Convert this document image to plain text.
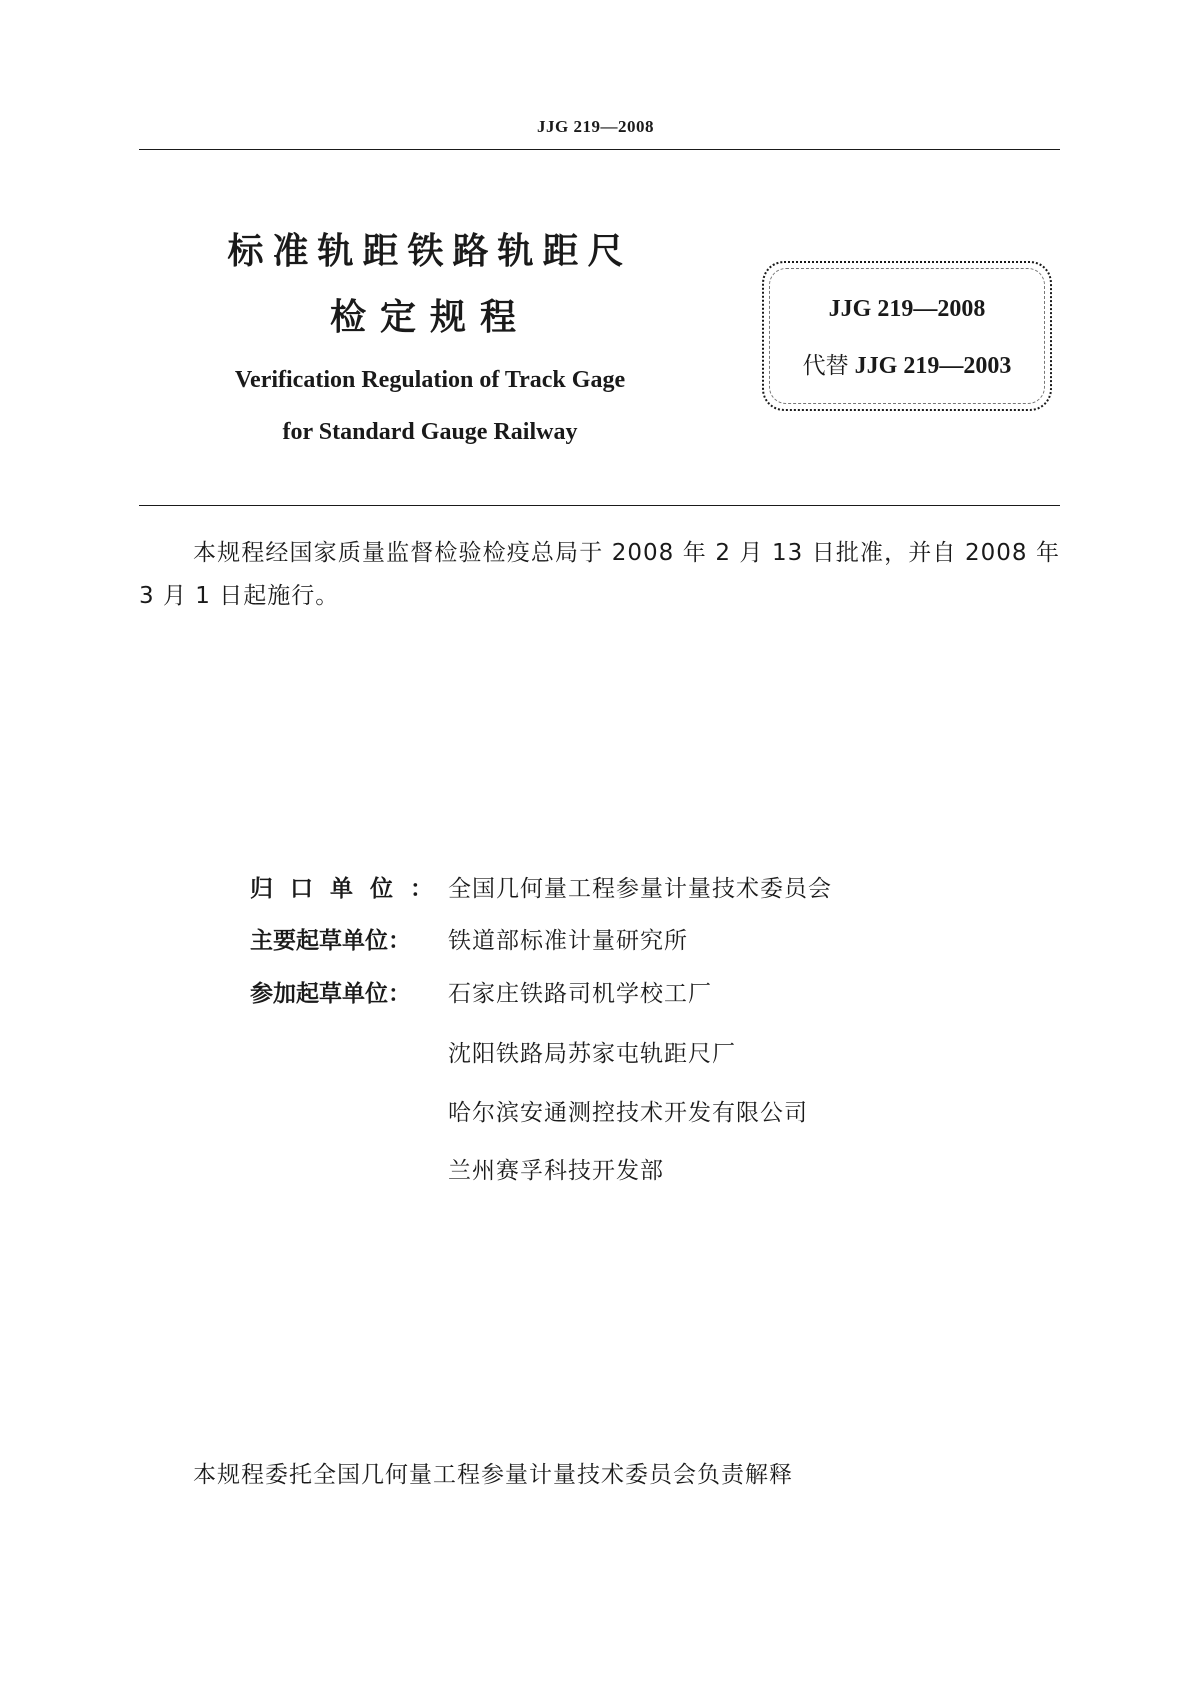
JJG 219—2008
标准轨距铁路轨距尺
检定规程
Verification Regulation of Track Gage
for Standard Gauge Railway
JJG 219—2008
代替 JJG 219—2003
本规程经国家质量监督检验检疫总局于 2008 年 2 月 13 日批准，并自 2008 年 3 月 1 日起施行。
归口单位：全国几何量工程参量计量技术委员会
主要起草单位： 铁道部标准计量研究所
参加起草单位： 石家庄铁路司机学校工厂
沈阳铁路局苏家屯轨距尺厂
哈尔滨安通测控技术开发有限公司
兰州赛孚科技开发部
本规程委托全国几何量工程参量计量技术委员会负责解释
